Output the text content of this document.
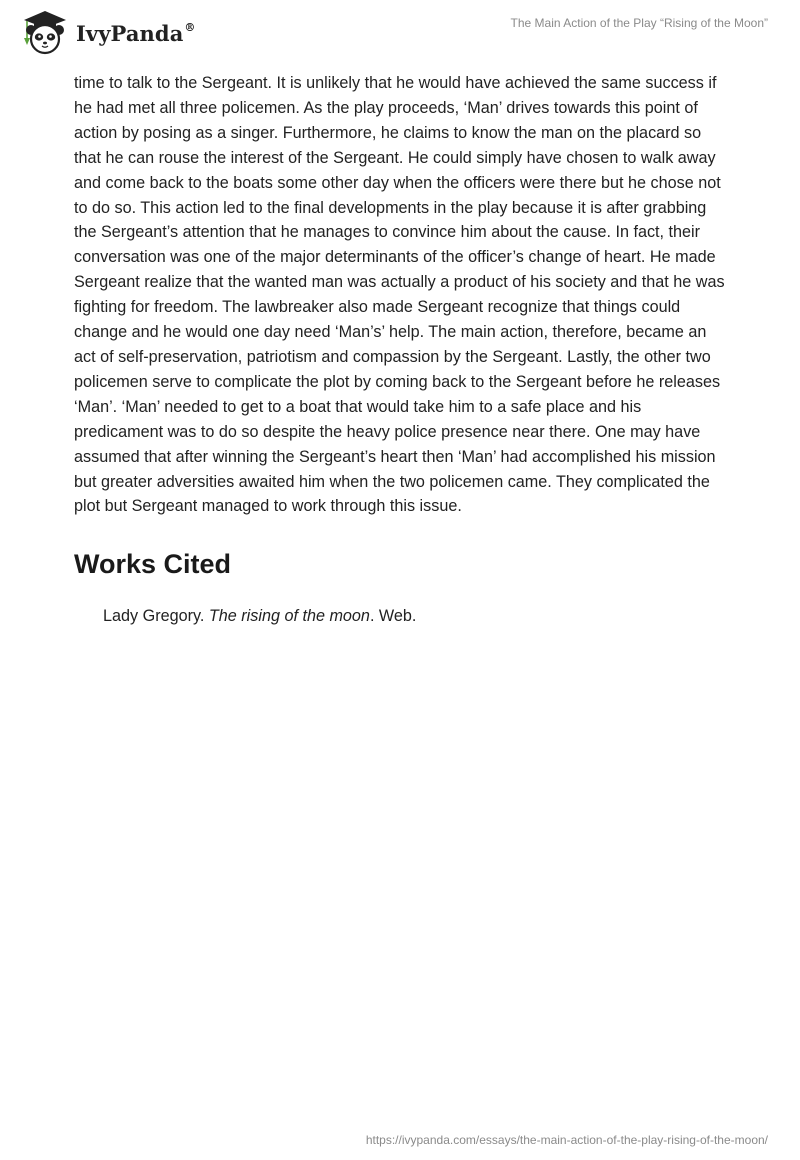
IvyPanda®	The Main Action of the Play “Rising of the Moon”

time to talk to the Sergeant. It is unlikely that he would have achieved the same success if he had met all three policemen. As the play proceeds, ‘Man’ drives towards this point of action by posing as a singer. Furthermore, he claims to know the man on the placard so that he can rouse the interest of the Sergeant. He could simply have chosen to walk away and come back to the boats some other day when the officers were there but he chose not to do so. This action led to the final developments in the play because it is after grabbing the Sergeant’s attention that he manages to convince him about the cause. In fact, their conversation was one of the major determinants of the officer’s change of heart. He made Sergeant realize that the wanted man was actually a product of his society and that he was fighting for freedom. The lawbreaker also made Sergeant recognize that things could change and he would one day need ‘Man’s’ help. The main action, therefore, became an act of self-preservation, patriotism and compassion by the Sergeant. Lastly, the other two policemen serve to complicate the plot by coming back to the Sergeant before he releases ‘Man’. ‘Man’ needed to get to a boat that would take him to a safe place and his predicament was to do so despite the heavy police presence near there. One may have assumed that after winning the Sergeant’s heart then ‘Man’ had accomplished his mission but greater adversities awaited him when the two policemen came. They complicated the plot but Sergeant managed to work through this issue.

Works Cited

Lady Gregory. The rising of the moon. Web.

https://ivypanda.com/essays/the-main-action-of-the-play-rising-of-the-moon/
